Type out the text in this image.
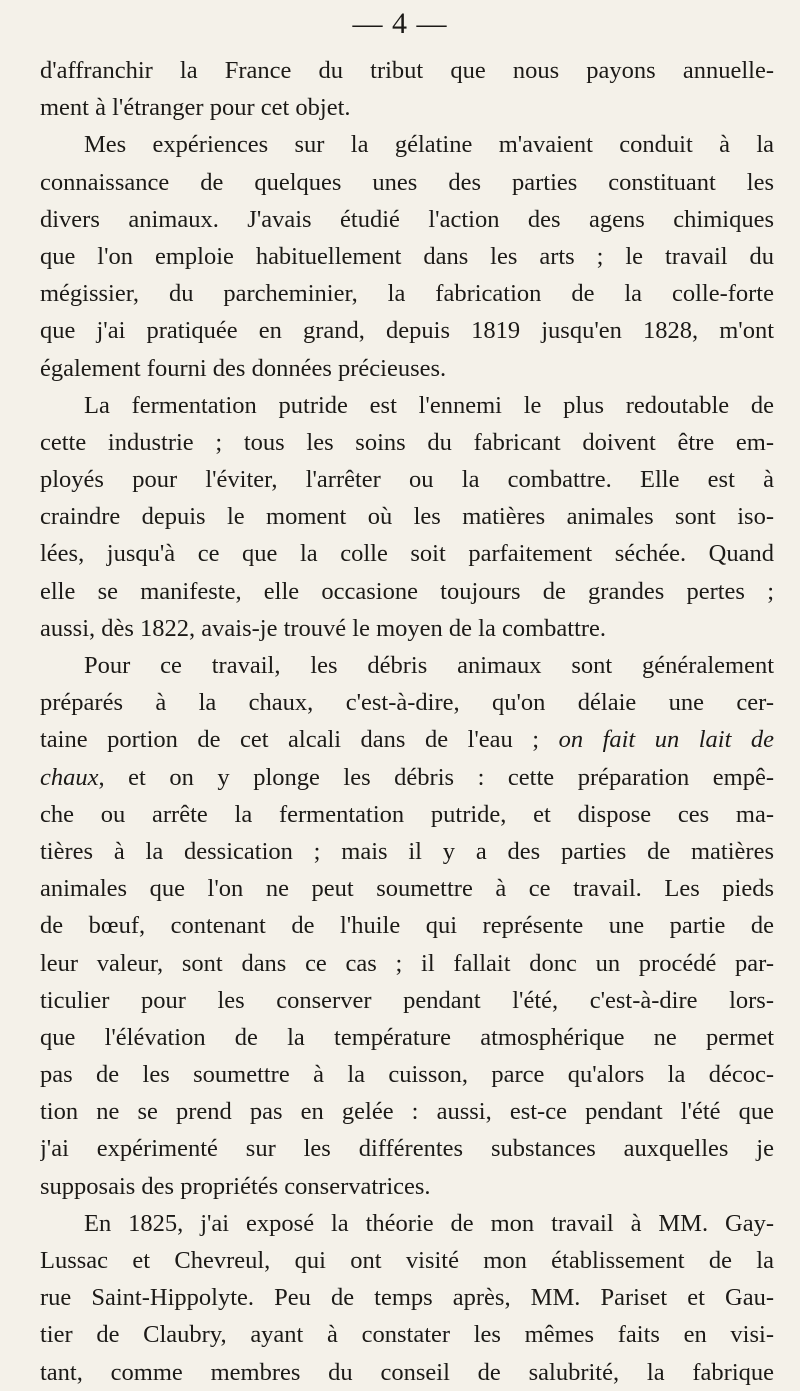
— 4 —
d'affranchir la France du tribut que nous payons annuelle-
ment à l'étranger pour cet objet.
Mes expériences sur la gélatine m'avaient conduit à la
connaissance de quelques unes des parties constituant les
divers animaux. J'avais étudié l'action des agens chimiques
que l'on emploie habituellement dans les arts ; le travail du
mégissier, du parcheminier, la fabrication de la colle-forte
que j'ai pratiquée en grand, depuis 1819 jusqu'en 1828, m'ont
également fourni des données précieuses.
La fermentation putride est l'ennemi le plus redoutable de
cette industrie ; tous les soins du fabricant doivent être em-
ployés pour l'éviter, l'arrêter ou la combattre. Elle est à
craindre depuis le moment où les matières animales sont iso-
lées, jusqu'à ce que la colle soit parfaitement séchée. Quand
elle se manifeste, elle occasione toujours de grandes pertes ;
aussi, dès 1822, avais-je trouvé le moyen de la combattre.
Pour ce travail, les débris animaux sont généralement
préparés à la chaux, c'est-à-dire, qu'on délaie une cer-
taine portion de cet alcali dans de l'eau ; on fait un lait de
chaux, et on y plonge les débris : cette préparation empê-
che ou arrête la fermentation putride, et dispose ces ma-
tières à la dessication ; mais il y a des parties de matières
animales que l'on ne peut soumettre à ce travail. Les pieds
de bœuf, contenant de l'huile qui représente une partie de
leur valeur, sont dans ce cas ; il fallait donc un procédé par-
ticulier pour les conserver pendant l'été, c'est-à-dire lors-
que l'élévation de la température atmosphérique ne permet
pas de les soumettre à la cuisson, parce qu'alors la décoc-
tion ne se prend pas en gelée : aussi, est-ce pendant l'été que
j'ai expérimenté sur les différentes substances auxquelles je
supposais des propriétés conservatrices.
En 1825, j'ai exposé la théorie de mon travail à MM. Gay-
Lussac et Chevreul, qui ont visité mon établissement de la
rue Saint-Hippolyte. Peu de temps après, MM. Pariset et Gau-
tier de Claubry, ayant à constater les mêmes faits en visi-
tant, comme membres du conseil de salubrité, la fabrique
